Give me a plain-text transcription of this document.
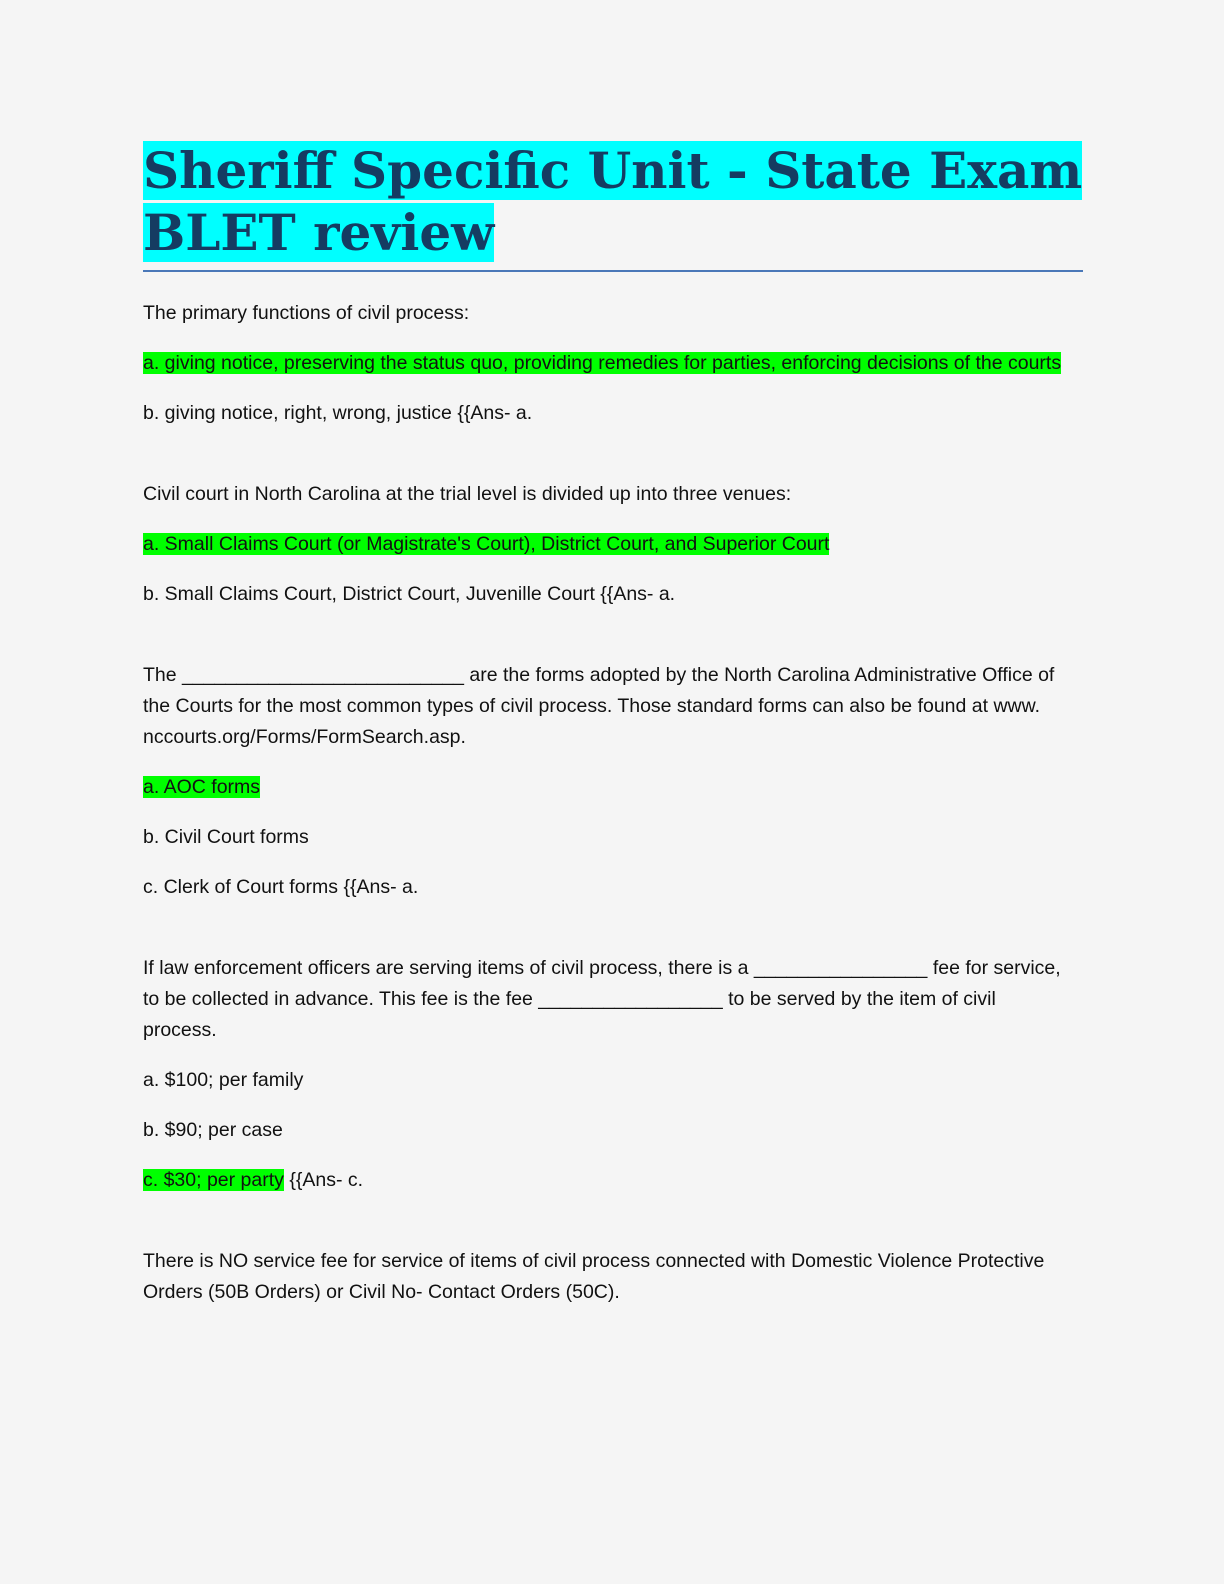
Sheriff Specific Unit - State Exam BLET review

The primary functions of civil process:

a. giving notice, preserving the status quo, providing remedies for parties, enforcing decisions of the courts

b. giving notice, right, wrong, justice {{Ans- a.

Civil court in North Carolina at the trial level is divided up into three venues:

a. Small Claims Court (or Magistrate's Court), District Court, and Superior Court

b. Small Claims Court, District Court, Juvenille Court {{Ans- a.

The __________________________ are the forms adopted by the North Carolina Administrative Office of the Courts for the most common types of civil process. Those standard forms can also be found at www. nccourts.org/Forms/FormSearch.asp.

a. AOC forms

b. Civil Court forms

c. Clerk of Court forms {{Ans- a.

If law enforcement officers are serving items of civil process, there is a ________________ fee for service, to be collected in advance. This fee is the fee _________________ to be served by the item of civil process.

a. $100; per family

b. $90; per case

c. $30; per party {{Ans- c.

There is NO service fee for service of items of civil process connected with Domestic Violence Protective Orders (50B Orders) or Civil No- Contact Orders (50C).
